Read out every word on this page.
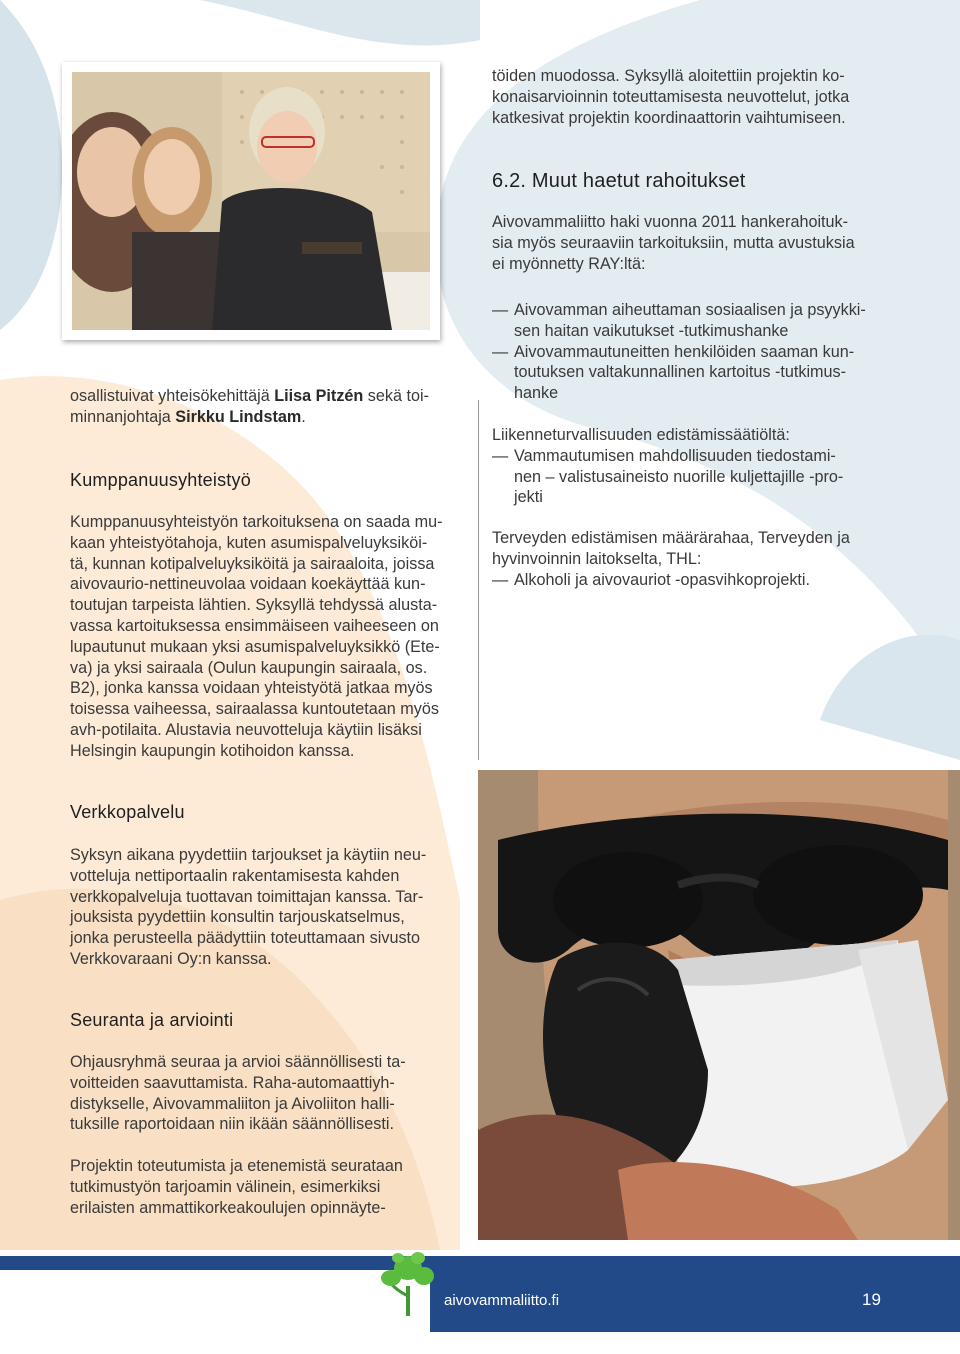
töiden muodossa. Syksyllä aloitettiin projektin ko-
konaisarvioinnin toteuttamisesta neuvottelut, jotka
katkesivat projektin koordinaattorin vaihtumiseen.

6.2. Muut haetut rahoitukset

Aivovammaliitto haki vuonna 2011 hankerahoituk-
sia myös seuraaviin tarkoituksiin, mutta avustuksia
ei myönnetty RAY:ltä:

— Aivovamman aiheuttaman sosiaalisen ja psyykki-
sen haitan vaikutukset -tutkimushanke
— Aivovammautuneitten henkilöiden saaman kun-
toutuksen valtakunnallinen kartoitus -tutkimus-
hanke

Liikenneturvallisuuden edistämissäätiöltä:

— Vammautumisen mahdollisuuden tiedostami-
nen – valistusaineisto nuorille kuljettajille -pro-
jekti

Terveyden edistämisen määrärahaa, Terveyden ja
hyvinvoinnin laitokselta, THL:

— Alkoholi ja aivovauriot -opasvihkoprojekti.

osallistuivat yhteisökehittäjä Liisa Pitzén sekä toi-
minnanjohtaja Sirkku Lindstam.

Kumppanuusyhteistyö

Kumppanuusyhteistyön tarkoituksena on saada mu-
kaan yhteistyötahoja, kuten asumispalveluyksiköi-
tä, kunnan kotipalveluyksiköitä ja sairaaloita, joissa
aivovaurio-nettineuvolaa voidaan koekäyttää kun-
toutujan tarpeista lähtien. Syksyllä tehdyssä alusta-
vassa kartoituksessa ensimmäiseen vaiheeseen on
lupautunut mukaan yksi asumispalveluyksikkö (Ete-
va) ja yksi sairaala (Oulun kaupungin sairaala, os.
B2), jonka kanssa voidaan yhteistyötä jatkaa myös
toisessa vaiheessa, sairaalassa kuntoutetaan myös
avh-potilaita. Alustavia neuvotteluja käytiin lisäksi
Helsingin kaupungin kotihoidon kanssa.

Verkkopalvelu

Syksyn aikana pyydettiin tarjoukset ja käytiin neu-
votteluja nettiportaalin rakentamisesta kahden
verkkopalveluja tuottavan toimittajan kanssa. Tar-
jouksista pyydettiin konsultin tarjouskatselmus,
jonka perusteella päädyttiin toteuttamaan sivusto
Verkkovaraani Oy:n kanssa.

Seuranta ja arviointi

Ohjausryhmä seuraa ja arvioi säännöllisesti ta-
voitteiden saavuttamista. Raha-automaattiyh-
distykselle, Aivovammaliiton ja Aivoliiton halli-
tuksille raportoidaan niin ikään säännöllisesti.

Projektin toteutumista ja etenemistä seurataan
tutkimustyön tarjoamin välinein, esimerkiksi
erilaisten ammattikorkeakoulujen opinnäyte-

aivovammaliitto.fi	19
